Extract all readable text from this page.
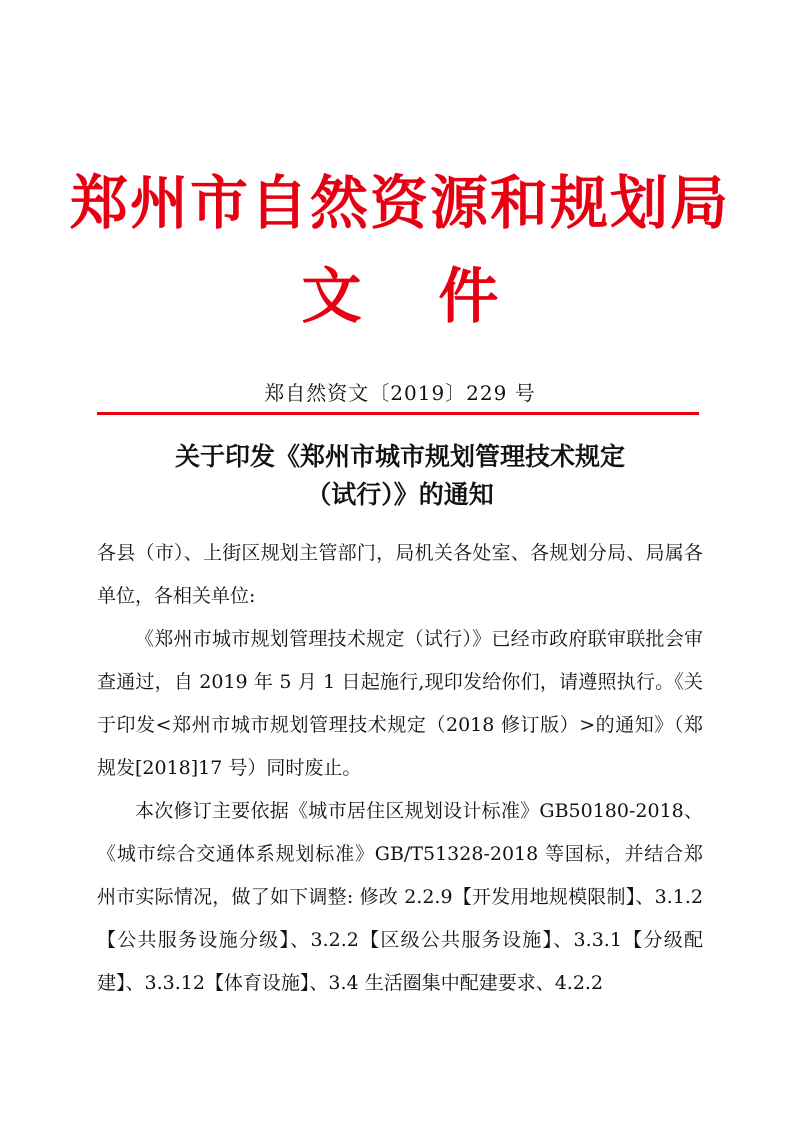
郑州市自然资源和规划局
文 件
郑自然资文〔2019〕229 号
关于印发《郑州市城市规划管理技术规定
（试行）》的通知

各县（市）、上街区规划主管部门，局机关各处室、各规划分局、局属各单位，各相关单位:

《郑州市城市规划管理技术规定（试行）》已经市政府联审联批会审查通过，自 2019 年 5 月 1 日起施行,现印发给你们，请遵照执行。《关于印发<郑州市城市规划管理技术规定（2018 修订版）>的通知》（郑规发[2018]17 号）同时废止。

本次修订主要依据《城市居住区规划设计标准》GB50180-2018、《城市综合交通体系规划标准》GB/T51328-2018 等国标，并结合郑州市实际情况，做了如下调整: 修改 2.2.9【开发用地规模限制】、3.1.2【公共服务设施分级】、3.2.2【区级公共服务设施】、3.3.1【分级配建】、3.3.12【体育设施】、3.4 生活圈集中配建要求、4.2.2
